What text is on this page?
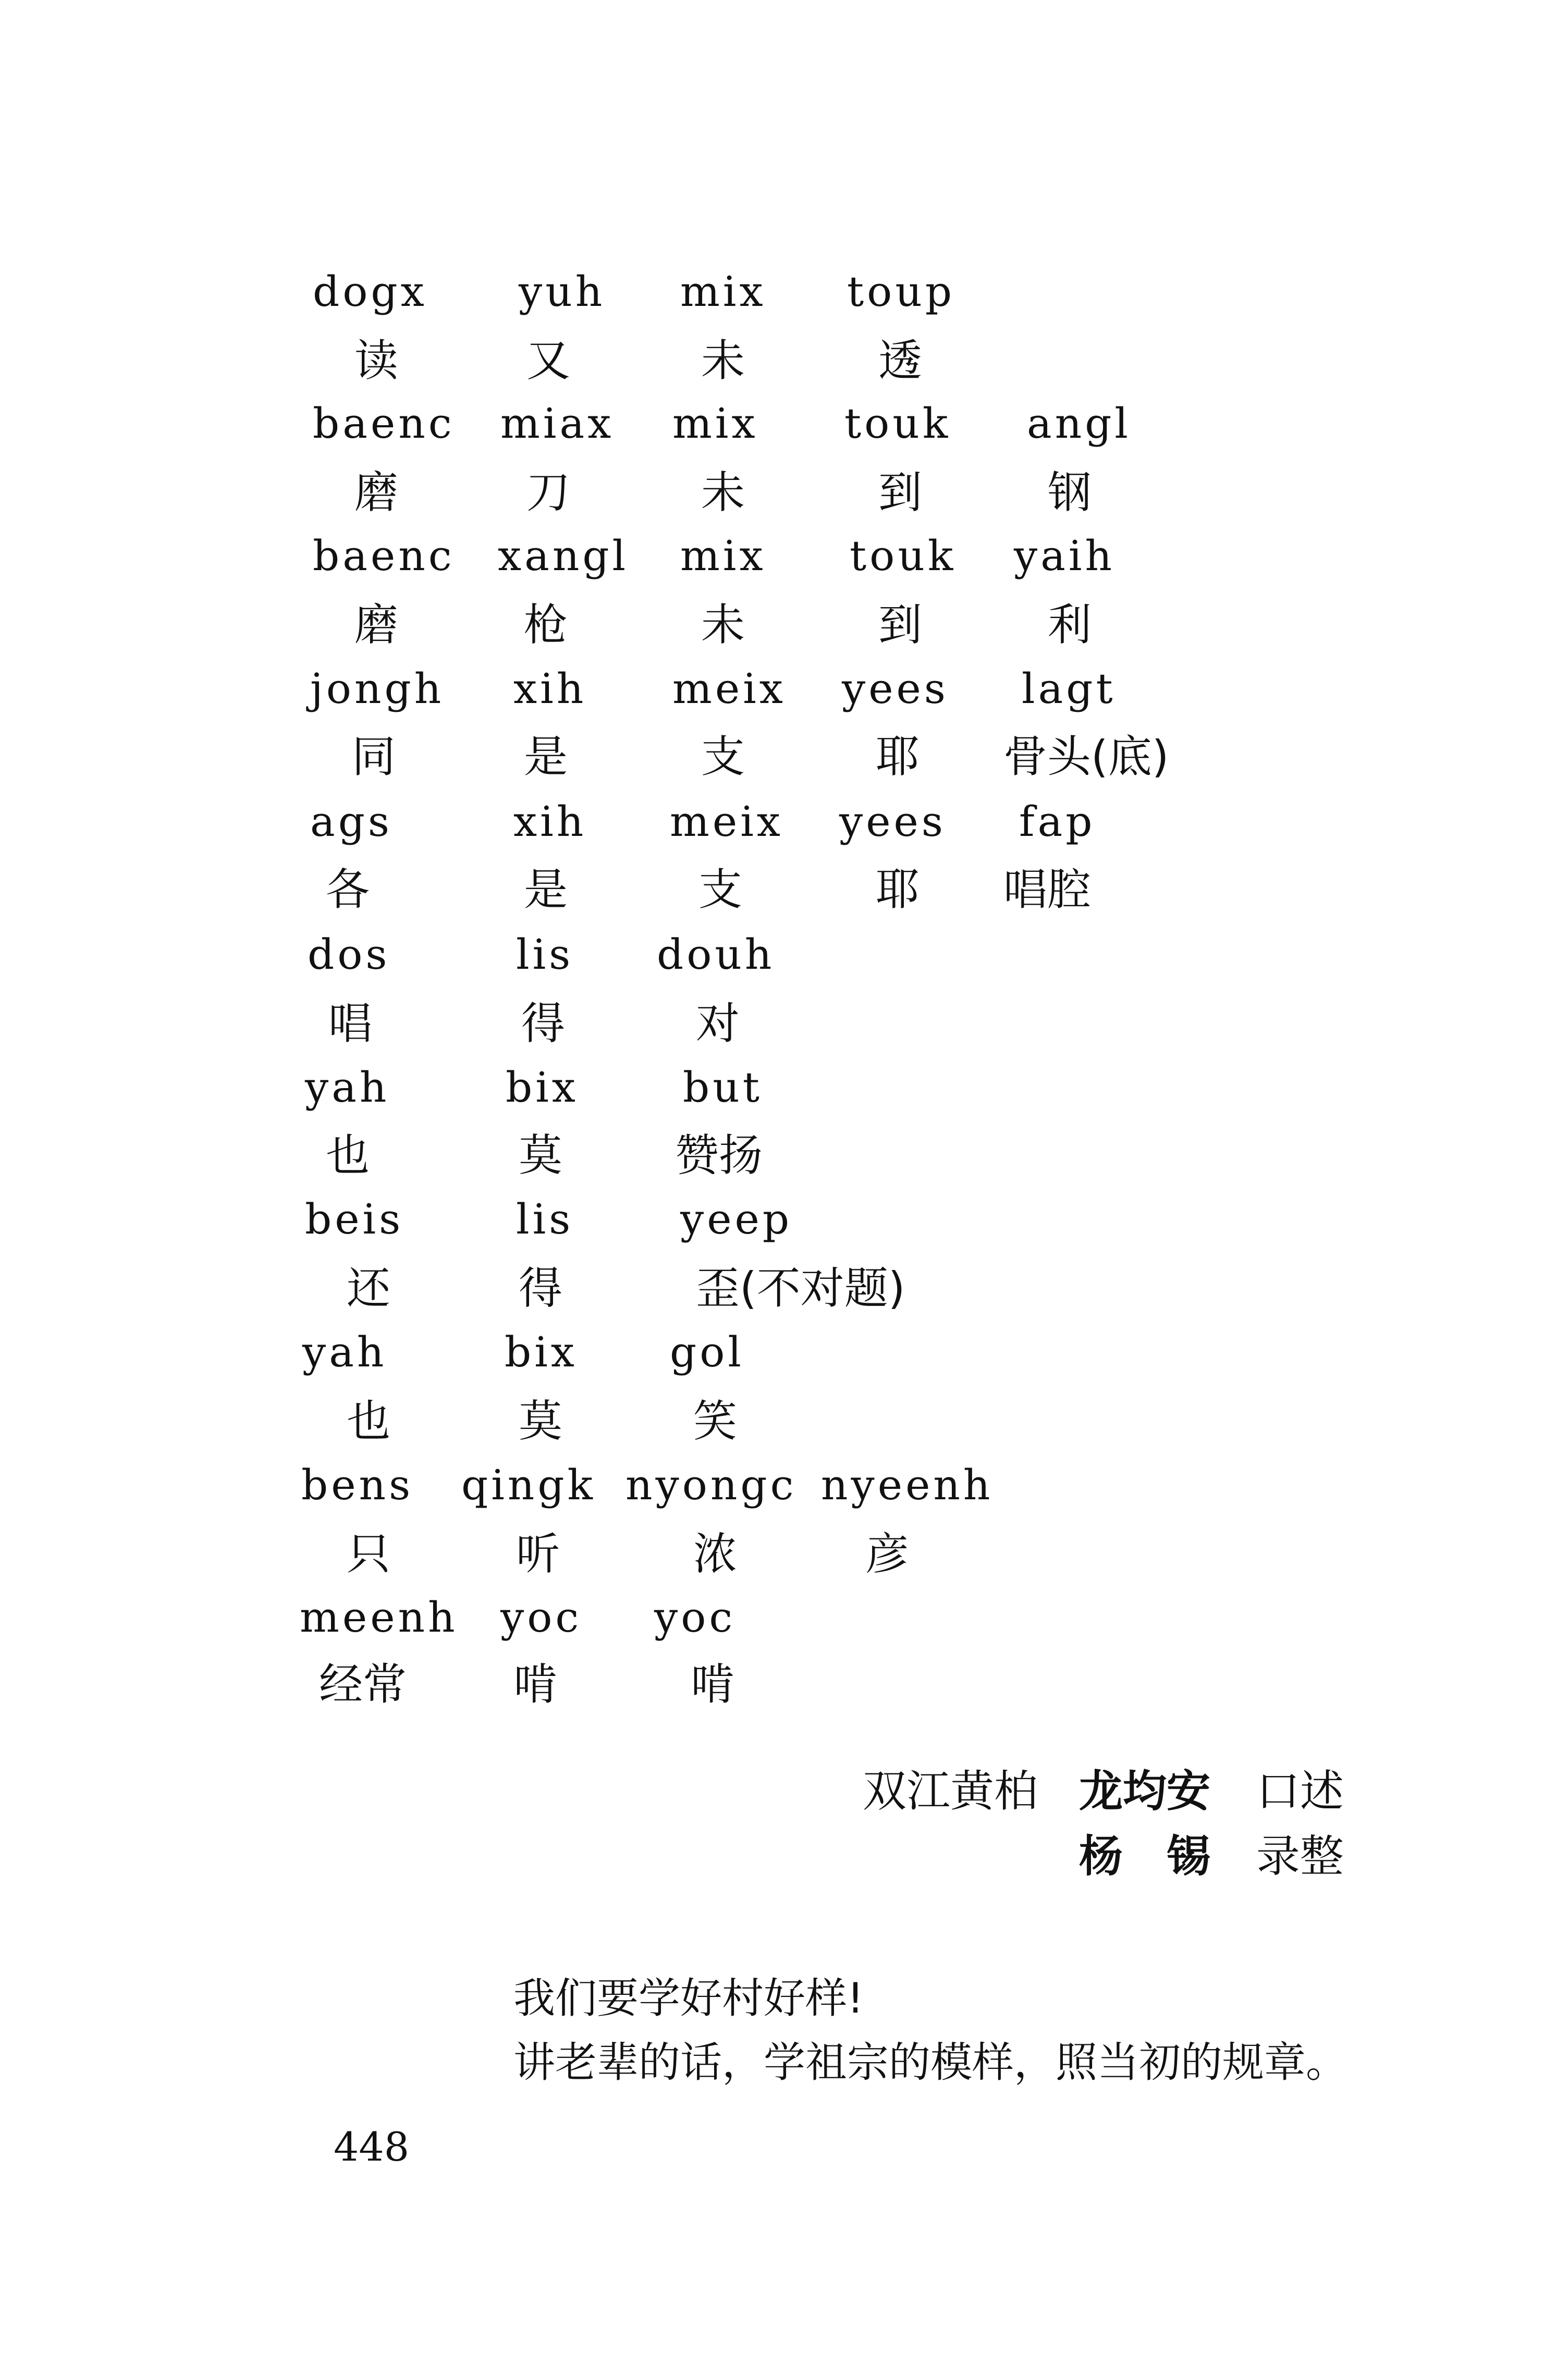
dogx yuh mix toup
读	又	未	透
baenc miax mix touk angl
磨	刀	未	到	钢
baenc xangl mix touk yaih
磨	枪	未	到	利
jongh xih meix yees lagt
同	是	支	耶 骨头(底)
ags	xih meix yees fap
各	是	支	耶 唱腔
dos	lis douh
唱	得	对
yah	bix	but
也	莫	赞扬
beis	lis	yeep
还	得	歪(不对题)
yah	bix gol
也	莫	笑
bens qingk nyongc nyeenh
只	听	浓	彦
meenh yoc yoc
经常 啃	啃
双江黄柏 龙均安 口述
杨　锡 录整
我们要学好村好样!
讲老辈的话，学祖宗的模样，照当初的规章。
448
